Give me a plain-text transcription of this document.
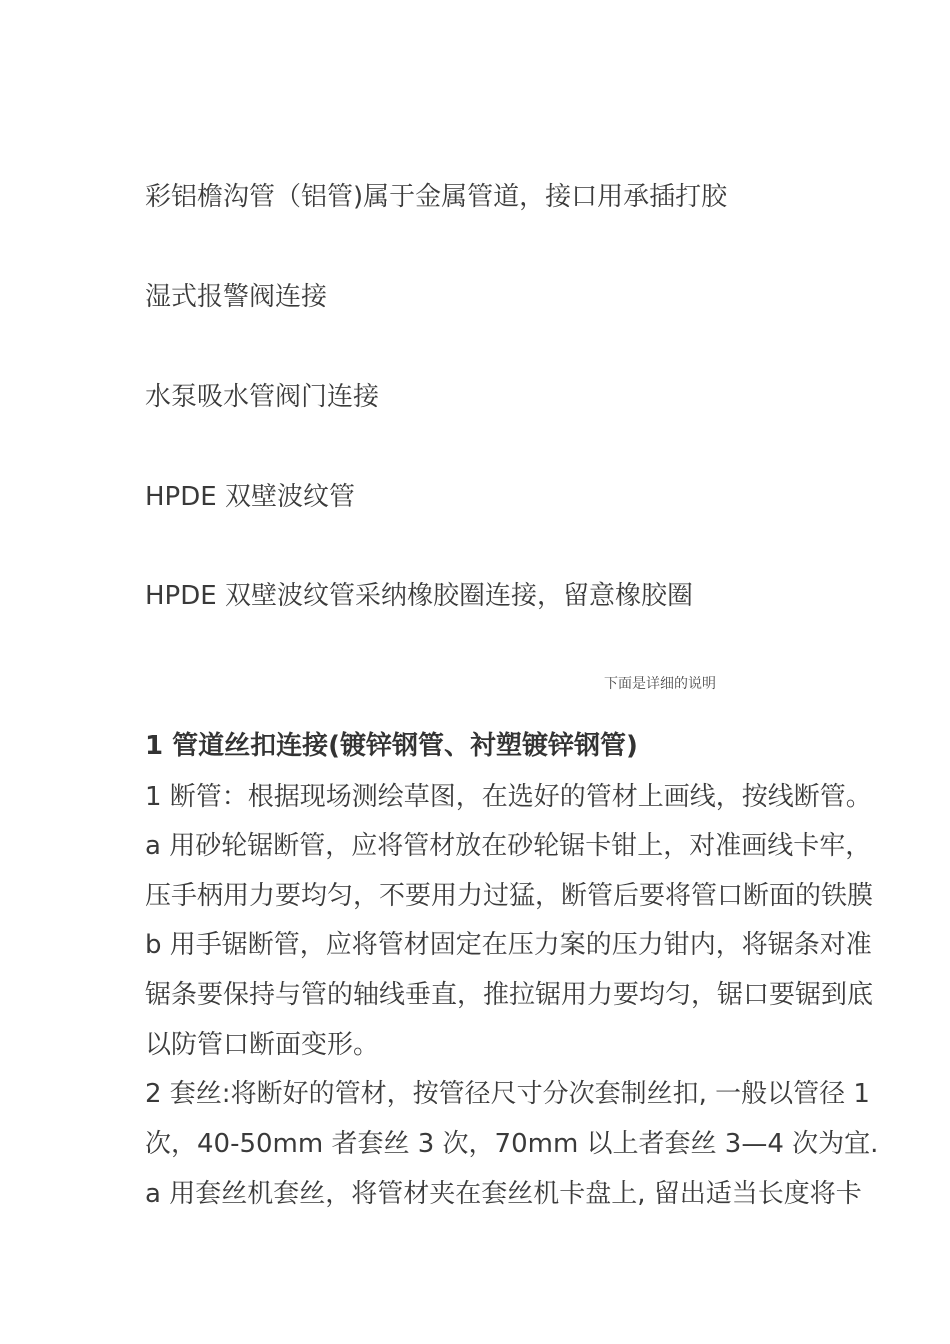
彩铝檐沟管（铝管)属于金属管道，接口用承插打胶
湿式报警阀连接
水泵吸水管阀门连接
HPDE 双壁波纹管
HPDE 双壁波纹管采纳橡胶圈连接，留意橡胶圈
下面是详细的说明
1 管道丝扣连接(镀锌钢管、衬塑镀锌钢管)
1 断管：根据现场测绘草图，在选好的管材上画线，按线断管。
a 用砂轮锯断管，应将管材放在砂轮锯卡钳上，对准画线卡牢，
压手柄用力要均匀，不要用力过猛，断管后要将管口断面的铁膜
b 用手锯断管，应将管材固定在压力案的压力钳内，将锯条对准
锯条要保持与管的轴线垂直，推拉锯用力要均匀，锯口要锯到底
以防管口断面变形。
2 套丝:将断好的管材，按管径尺寸分次套制丝扣, 一般以管径 1
次，40-50mm 者套丝 3 次，70mm 以上者套丝 3—4 次为宜.
a 用套丝机套丝，将管材夹在套丝机卡盘上, 留出适当长度将卡
